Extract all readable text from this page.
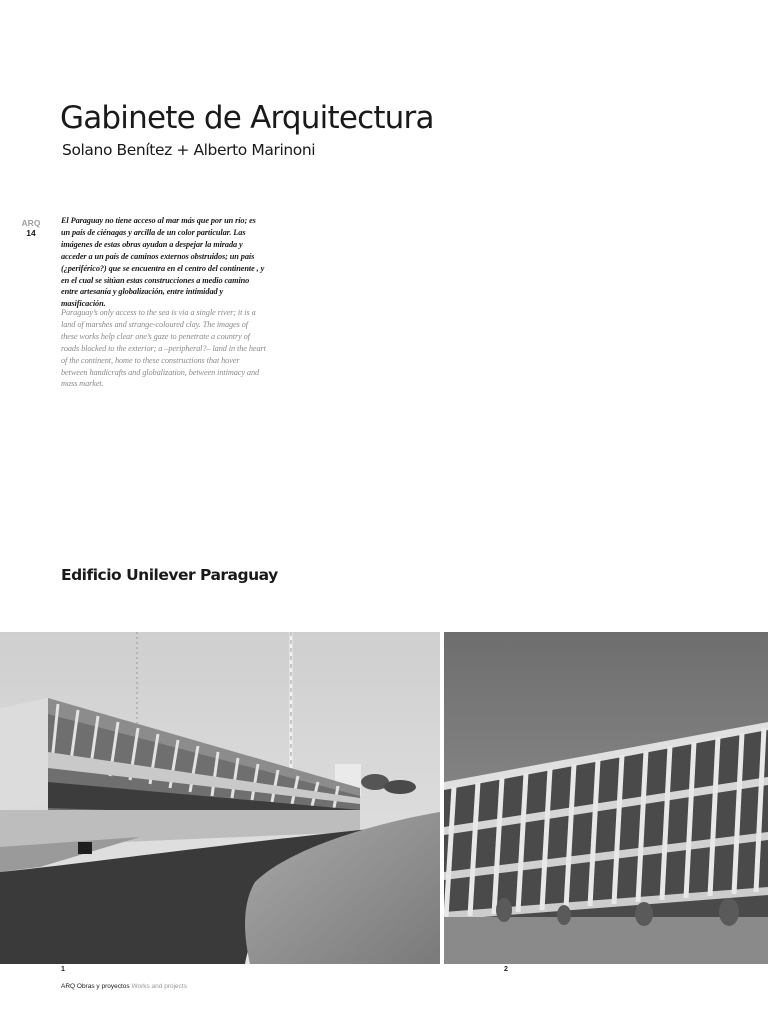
Gabinete de Arquitectura

Solano Benítez + Alberto Marinoni

ARQ
14

El Paraguay no tiene acceso al mar más que por un río; es un país de ciénagas y arcilla de un color particular. Las imágenes de estas obras ayudan a despejar la mirada y acceder a un país de caminos externos obstruidos; un país (¿periférico?) que se encuentra en el centro del continente , y en el cual se sitúan estas construcciones a medio camino entre artesanía y globalización, entre intimidad y masificación.

Paraguay’s only access to the sea is via a single river; it is a land of marshes and strange-coloured clay. The images of these works help clear one’s gaze to penetrate a country of roads blocked to the exterior; a –peripheral?– land in the heart of the continent, home to these constructions that hover between handicrafts and globalization, between intimacy and mass market.

Edificio Unilever Paraguay
1	2
ARQ Obras y proyectos Works and projects
